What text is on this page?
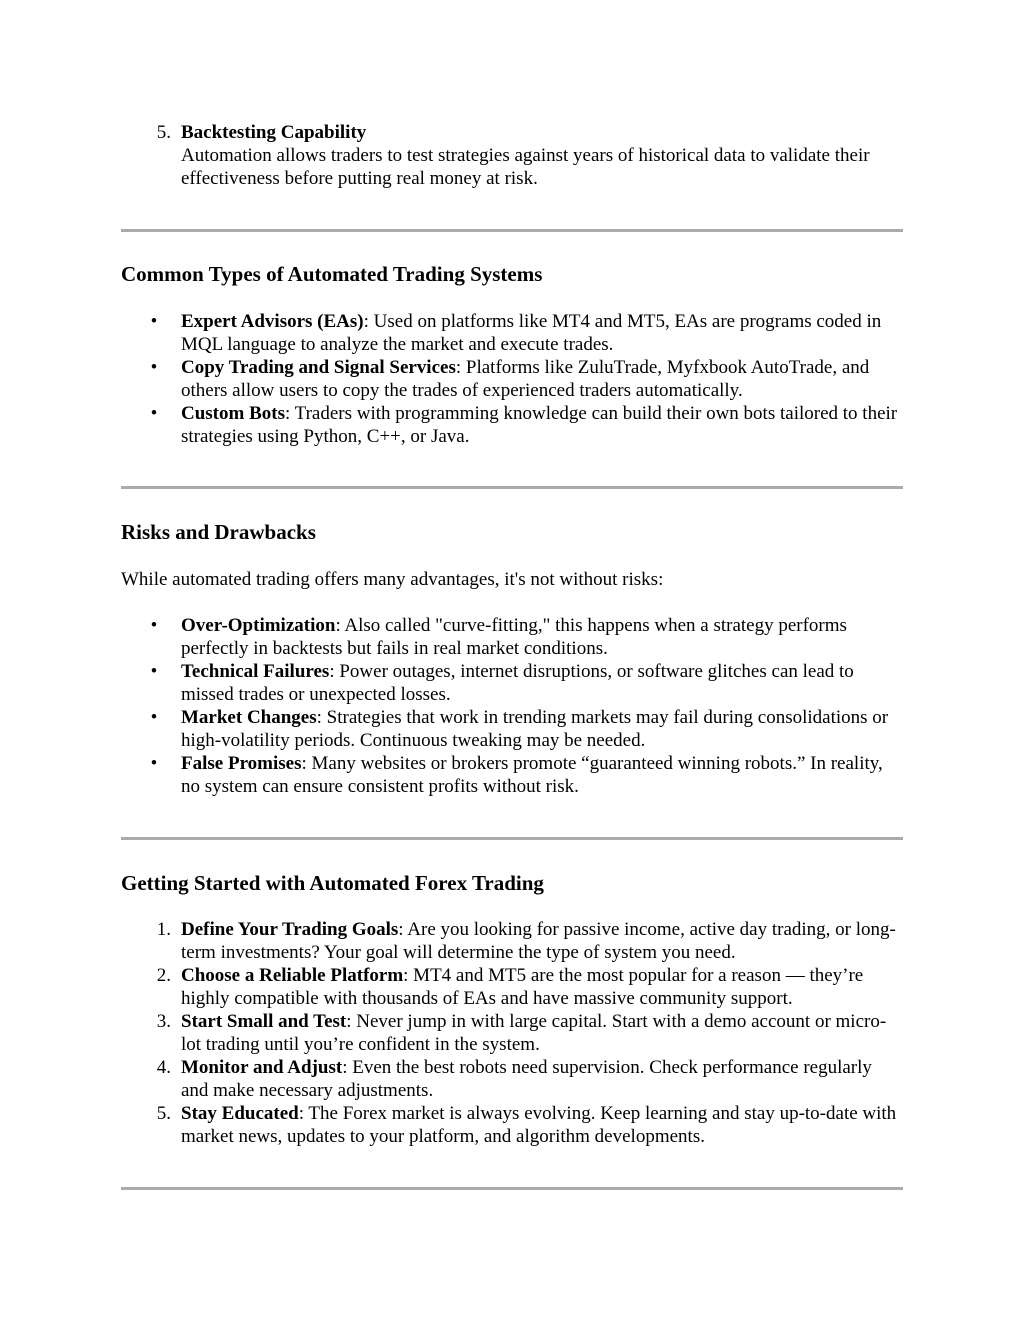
5. Backtesting Capability
Automation allows traders to test strategies against years of historical data to validate their effectiveness before putting real money at risk.
Common Types of Automated Trading Systems
• Expert Advisors (EAs): Used on platforms like MT4 and MT5, EAs are programs coded in MQL language to analyze the market and execute trades.
• Copy Trading and Signal Services: Platforms like ZuluTrade, Myfxbook AutoTrade, and others allow users to copy the trades of experienced traders automatically.
• Custom Bots: Traders with programming knowledge can build their own bots tailored to their strategies using Python, C++, or Java.
Risks and Drawbacks

While automated trading offers many advantages, it's not without risks:

• Over-Optimization: Also called "curve-fitting," this happens when a strategy performs perfectly in backtests but fails in real market conditions.
• Technical Failures: Power outages, internet disruptions, or software glitches can lead to missed trades or unexpected losses.
• Market Changes: Strategies that work in trending markets may fail during consolidations or high-volatility periods. Continuous tweaking may be needed.
• False Promises: Many websites or brokers promote “guaranteed winning robots.” In reality, no system can ensure consistent profits without risk.
Getting Started with Automated Forex Trading
1. Define Your Trading Goals: Are you looking for passive income, active day trading, or long-term investments? Your goal will determine the type of system you need.
2. Choose a Reliable Platform: MT4 and MT5 are the most popular for a reason — they’re highly compatible with thousands of EAs and have massive community support.
3. Start Small and Test: Never jump in with large capital. Start with a demo account or micro-lot trading until you’re confident in the system.
4. Monitor and Adjust: Even the best robots need supervision. Check performance regularly and make necessary adjustments.
5. Stay Educated: The Forex market is always evolving. Keep learning and stay up-to-date with market news, updates to your platform, and algorithm developments.
